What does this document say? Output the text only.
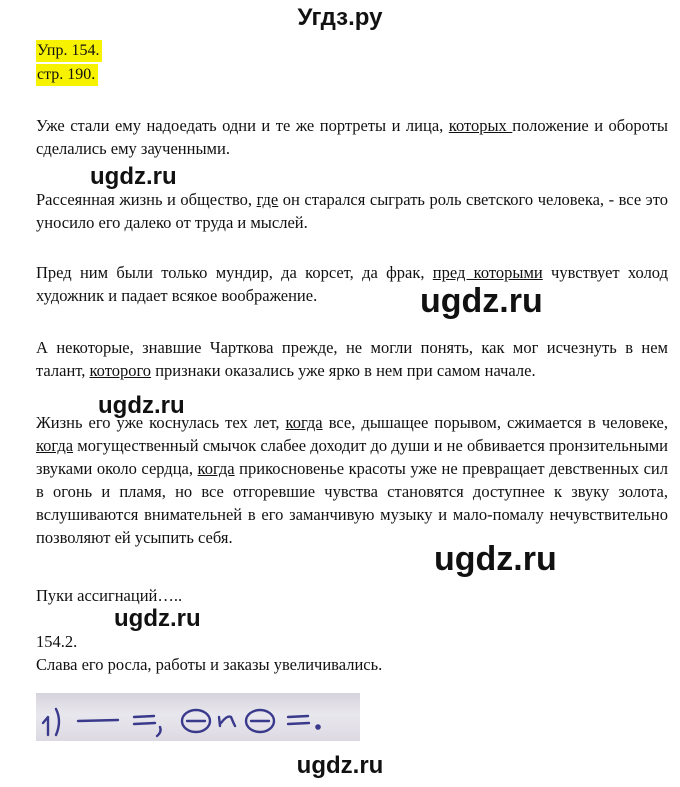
Угдз.ру
Упр. 154.
стр. 190.

Уже стали ему надоедать одни и те же портреты и лица, которых положение и обороты сделались ему заученными.

ugdz.ru

Рассеянная жизнь и общество, где он старался сыграть роль светского человека, - все это уносило его далеко от труда и мыслей.

Пред ним были только мундир, да корсет, да фрак, пред которыми чувствует холод художник и падает всякое воображение.	ugdz.ru

А некоторые, знавшие Чарткова прежде, не могли понять, как мог исчезнуть в нем талант, которого признаки оказались уже ярко в нем при самом начале.

ugdz.ru

Жизнь его уже коснулась тех лет, когда все, дышащее порывом, сжимается в человеке, когда могущественный смычок слабее доходит до души и не обвивается пронзительными звуками около сердца, когда прикосновенье красоты уже не превращает девственных сил в огонь и пламя, но все отгоревшие чувства становятся доступнее к звуку золота, вслушиваются внимательней в его заманчивую музыку и мало-помалу нечувствительно позволяют ей усыпить себя.

ugdz.ru

Пуки ассигнаций…..

ugdz.ru

154.2.

Слава его росла, работы и заказы увеличивались.

ugdz.ru
